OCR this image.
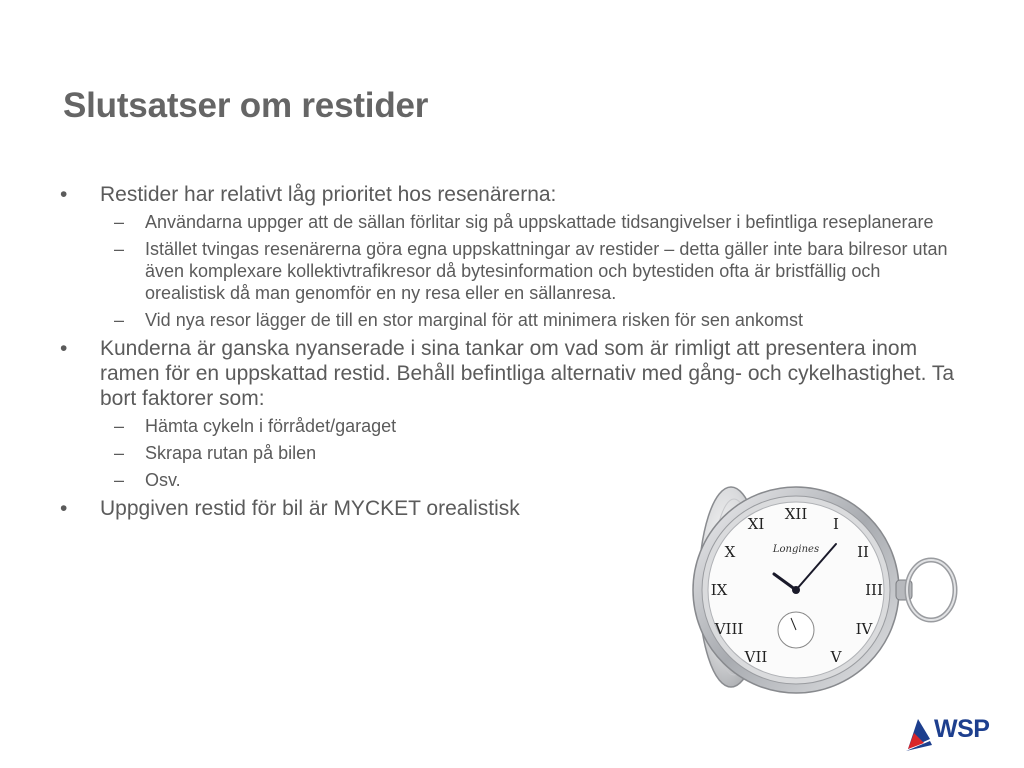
Slutsatser om restider
•	Restider har relativt låg prioritet hos resenärerna:
– Användarna uppger att de sällan förlitar sig på uppskattade tidsangivelser i befintliga reseplanerare
– Istället tvingas resenärerna göra egna uppskattningar av restider – detta gäller inte bara bilresor utan även komplexare kollektivtrafikresor då bytesinformation och bytestiden ofta är bristfällig och orealistisk då man genomför en ny resa eller en sällanresa.
– Vid nya resor lägger de till en stor marginal för att minimera risken för sen ankomst
•	Kunderna är ganska nyanserade i sina tankar om vad som är rimligt att presentera inom ramen för en uppskattad restid. Behåll befintliga alternativ med gång- och cykelhastighet. Ta bort faktorer som:
– Hämta cykeln i förrådet/garaget
– Skrapa rutan på bilen
– Osv.
•	Uppgiven restid för bil är MYCKET orealistisk	XII
I
II
III
IV
V
VII
VIII
IX
X
XI
Longines
WSP
